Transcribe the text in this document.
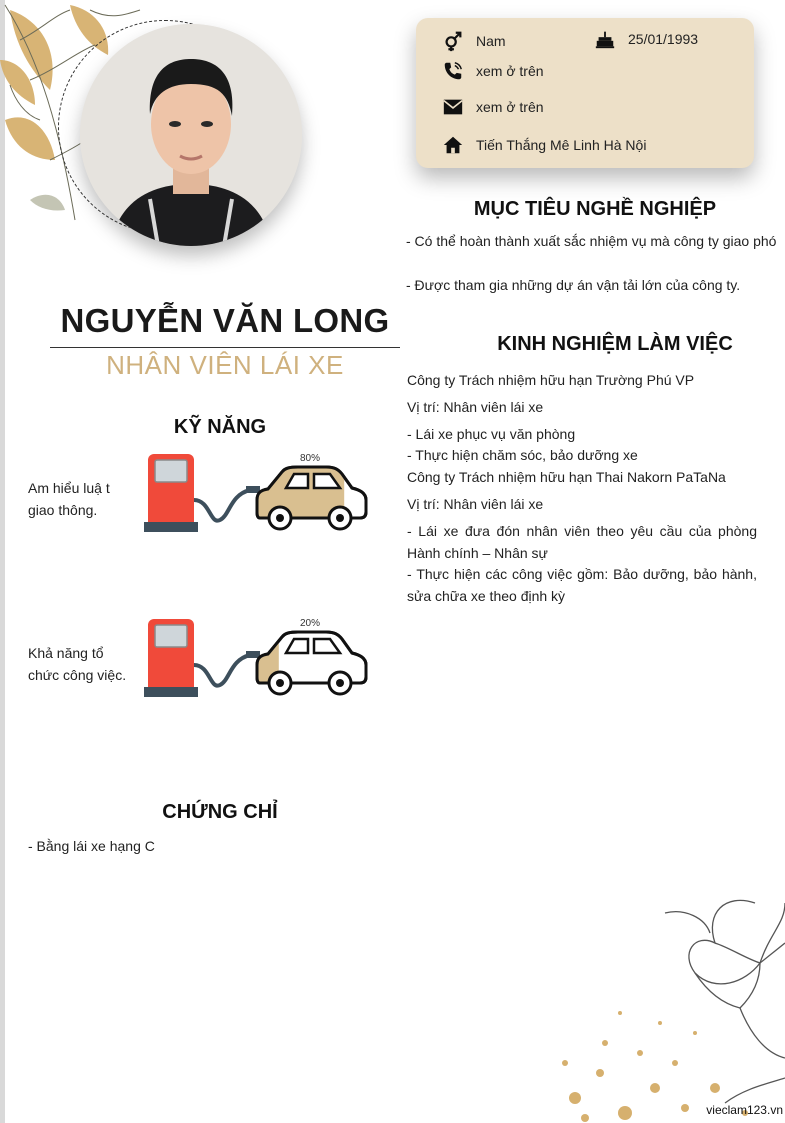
Nam	25/01/1993
xem ở trên
xem ở trên
Tiến Thắng Mê Linh Hà Nội
NGUYỄN VĂN LONG
NHÂN VIÊN LÁI XE
KỸ NĂNG
Am hiểu luậ t giao thông.
80%
Khả năng tổ chức công việc.
20%
CHỨNG CHỈ
- Bằng lái xe hạng C
MỤC TIÊU NGHỀ NGHIỆP
- Có thể hoàn thành xuất sắc nhiệm vụ mà công ty giao phó
- Được tham gia những dự án vận tải lớn của công ty.
KINH NGHIỆM LÀM VIỆC
Công ty Trách nhiệm hữu hạn Trường Phú VP
Vị trí: Nhân viên lái xe
- Lái xe phục vụ văn phòng
- Thực hiện chăm sóc, bảo dưỡng xe
Công ty Trách nhiệm hữu hạn Thai Nakorn PaTaNa
Vị trí: Nhân viên lái xe
- Lái xe đưa đón nhân viên theo yêu cầu của phòng Hành chính – Nhân sự
- Thực hiện các công việc gồm: Bảo dưỡng, bảo hành, sửa chữa xe theo định kỳ
vieclam123.vn
